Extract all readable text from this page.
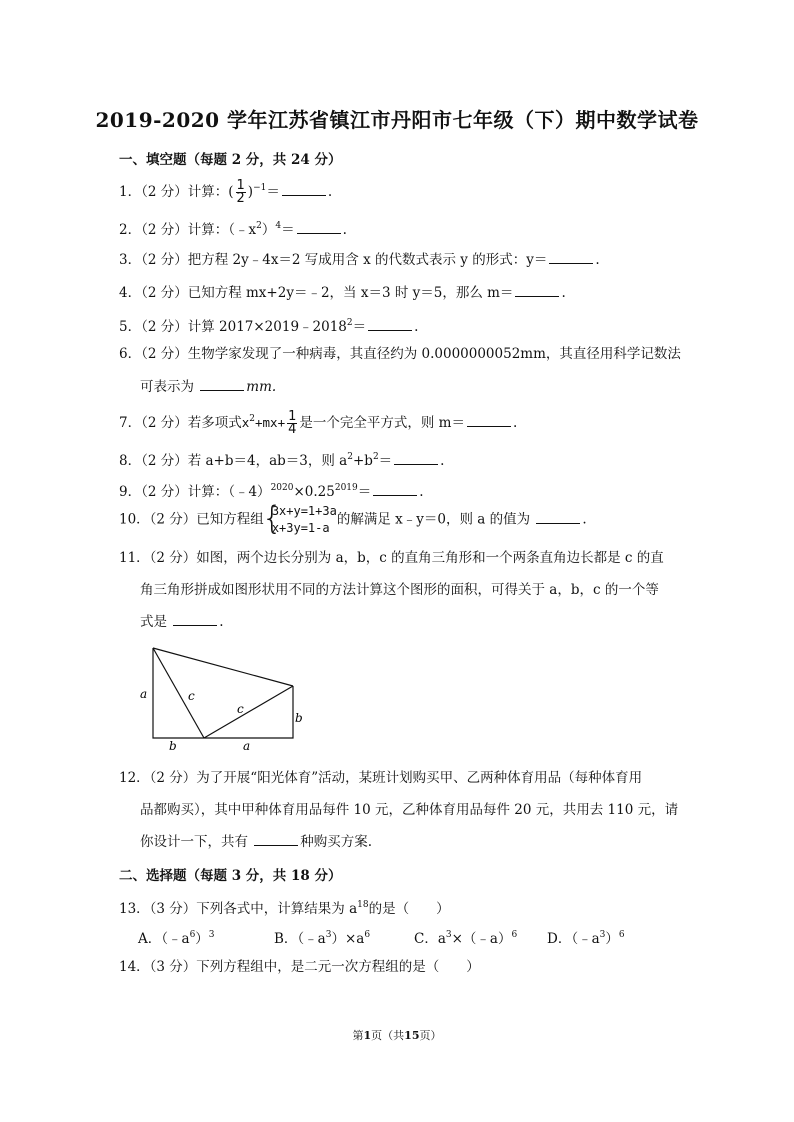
2019-2020 学年江苏省镇江市丹阳市七年级（下）期中数学试卷
一、填空题（每题 2 分，共 24 分）
1．（2 分）计算：( $\frac{1}{2} )^{-1}=$	.
2．（2 分）计算：$(﹣x^2)^4=$	.
3．（2 分）把方程 2y﹣4x＝2 写成用含 x 的代数式表示 y 的形式：y＝	.
4．（2 分）已知方程 mx+2y＝﹣2，当 x＝3 时 y＝5，那么 m＝	.
5．（2 分）计算 $2017\times 2019﹣2018^2=$	.
6．（2 分）生物学家发现了一种病毒，其直径约为 0.0000000052mm，其直径用科学记数法
可表示为	mm.
7．（2 分）若多项式$x^2+mx+ \frac{1}{4}$ 是一个完全平方式，则 m＝	.
8．（2 分）若 a+b＝4，ab＝3，则 $a^2+b^2=$	.
9．（2 分）计算：$(﹣4)^{2020}\times 0.25^{2019}=$	.
10．（2 分）已知方程组
{
3x+y=1+3a
x+3y=1-a
的解满足 x﹣y＝0，则 a 的值为	.
11．（2 分）如图，两个边长分别为 a，b，c 的直角三角形和一个两条直角边长都是 c 的直
角三角形拼成如图形状用不同的方法计算这个图形的面积，可得关于 a，b，c 的一个等
式是	.
a	c
c
b
b	a
12．（2 分）为了开展“阳光体育”活动，某班计划购买甲、乙两种体育用品（每种体育用
品都购买），其中甲种体育用品每件 10 元，乙种体育用品每件 20 元，共用去 110 元，请
你设计一下，共有	种购买方案.
二、选择题（每题 3 分，共 18 分）
13．（3 分）下列各式中，计算结果为 $a^{18}$的是（　　）
A．$(﹣a^6)^3$	B．$(﹣a^3)\times a^6$	C．$a^3\times(﹣a)^6$ D．$(﹣a^3)^6$
14．（3 分）下列方程组中，是二元一次方程组的是（　　）
第1页（共15页）
